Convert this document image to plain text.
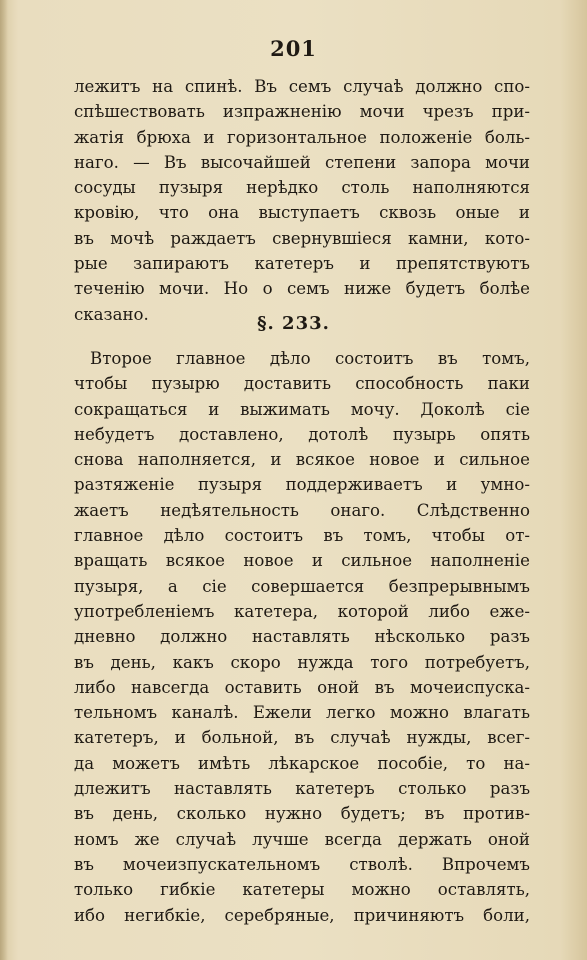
201
лежитъ на спинѣ. Въ семъ случаѣ должно спо-
спѣшествовать изпражненію мочи чрезъ при-
жатія брюха и горизонтальное положеніе боль-
наго. — Въ высочайшей степени запора мочи
сосуды пузыря нерѣдко столь наполняются
кровію, что она выступаетъ сквозь оные и
въ мочѣ раждаетъ свернувшіеся камни, кото-
рые запираютъ катетеръ и препятствуютъ
теченію мочи. Но о семъ ниже будетъ болѣе
сказано.	§. 233.
Второе главное дѣло состоитъ въ томъ,
чтобы пузырю доставить способность паки
сокращаться и выжимать мочу. Доколѣ сіе
небудетъ доставлено, дотолѣ пузырь опять
снова наполняется, и всякое новое и сильное
разтяженіе пузыря поддерживаетъ и умно-
жаетъ недѣятельность онаго. Слѣдственно
главное дѣло состоитъ въ томъ, чтобы от-
вращать всякое новое и сильное наполненіе
пузыря, а сіе совершается безпрерывнымъ
употребленіемъ катетера, которой либо еже-
дневно должно наставлять нѣсколько разъ
въ день, какъ скоро нужда того потребуетъ,
либо навсегда оставить оной въ мочеиспуска-
тельномъ каналѣ. Ежели легко можно влагать
катетеръ, и больной, въ случаѣ нужды, всег-
да можетъ имѣть лѣкарское пособіе, то на-
длежитъ наставлять катетеръ столько разъ
въ день, сколько нужно будетъ; въ против-
номъ же случаѣ лучше всегда держать оной
въ мочеизпускательномъ стволѣ. Впрочемъ
только гибкіе катетеры можно оставлять,
ибо негибкіе, серебряные, причиняютъ боли,
